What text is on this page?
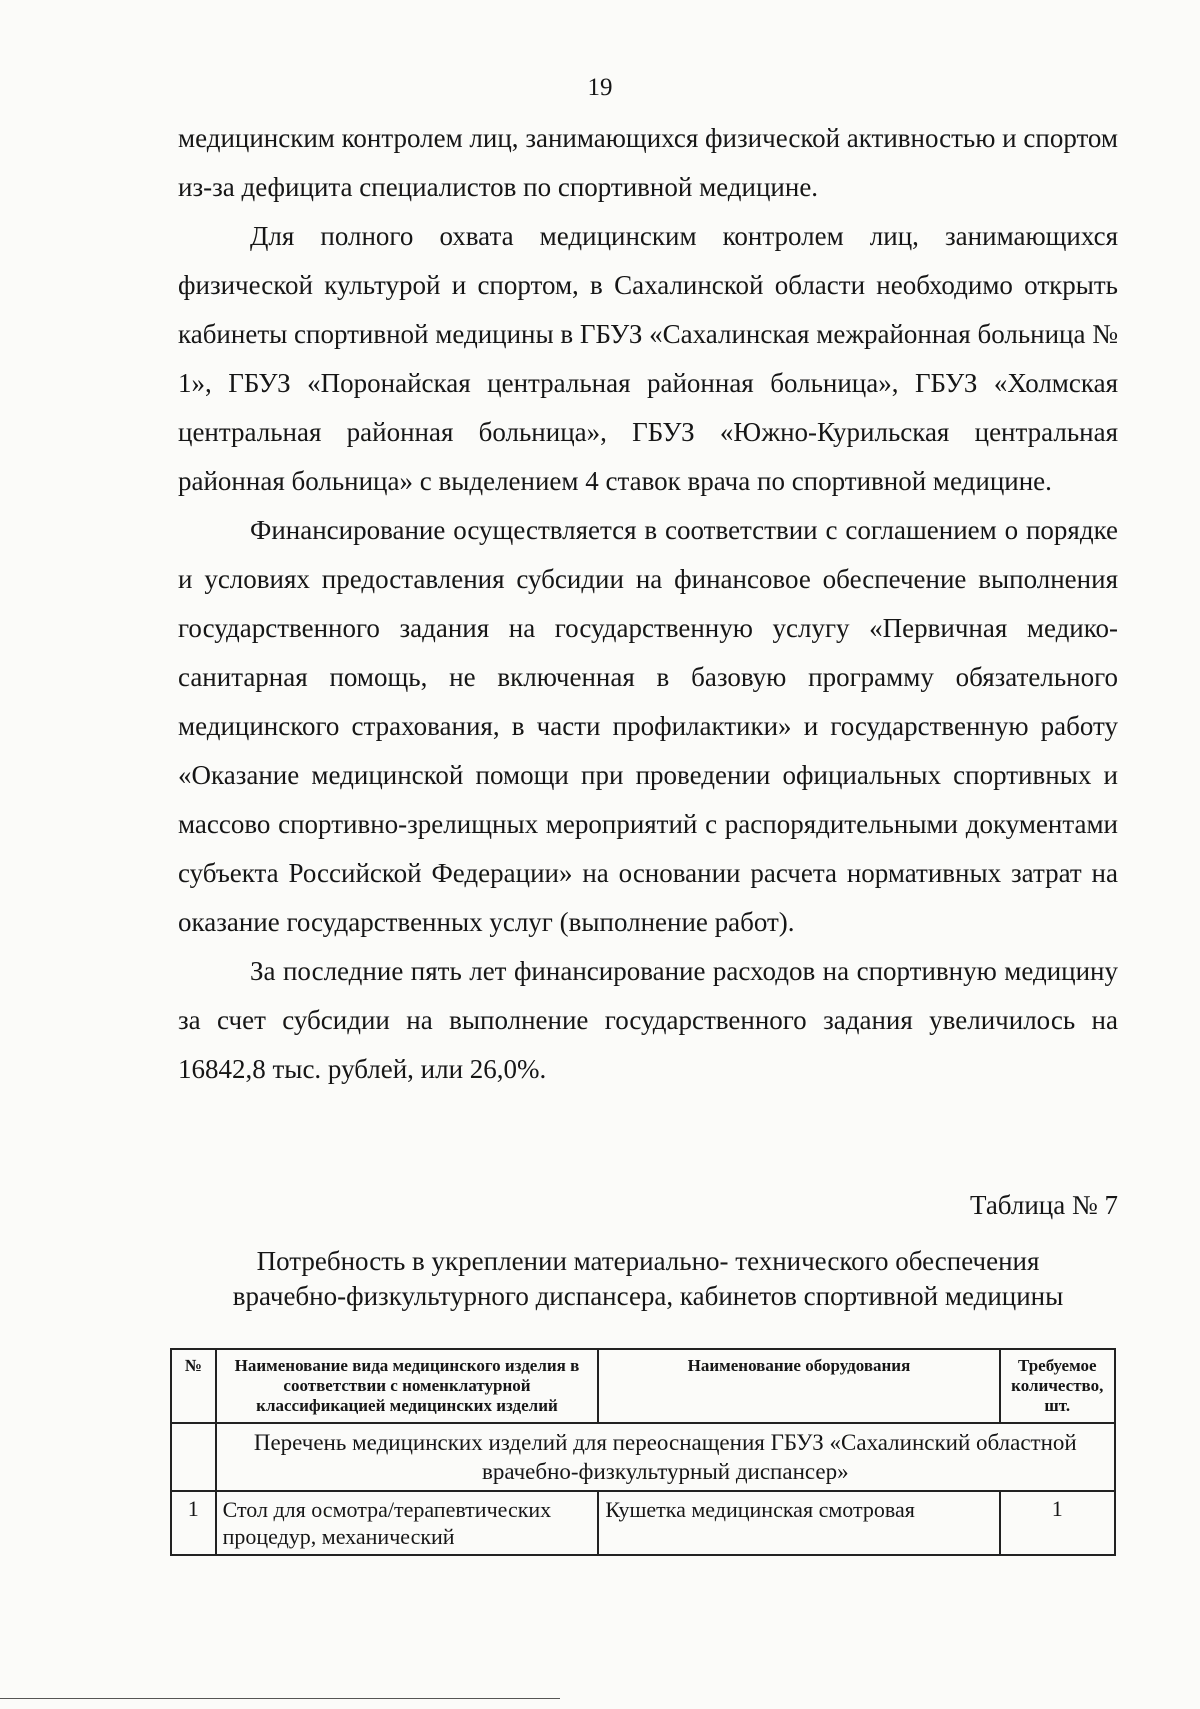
19

медицинским контролем лиц, занимающихся физической активностью и спортом из-за дефицита специалистов по спортивной медицине.

Для полного охвата медицинским контролем лиц, занимающихся физической культурой и спортом, в Сахалинской области необходимо открыть кабинеты спортивной медицины в ГБУЗ «Сахалинская межрайонная больница № 1», ГБУЗ «Поронайская центральная районная больница», ГБУЗ «Холмская центральная районная больница», ГБУЗ «Южно-Курильская центральная районная больница» с выделением 4 ставок врача по спортивной медицине.

Финансирование осуществляется в соответствии с соглашением о порядке и условиях предоставления субсидии на финансовое обеспечение выполнения государственного задания на государственную услугу «Первичная медико-санитарная помощь, не включенная в базовую программу обязательного медицинского страхования, в части профилактики» и государственную работу «Оказание медицинской помощи при проведении официальных спортивных и массово спортивно-зрелищных мероприятий с распорядительными документами субъекта Российской Федерации» на основании расчета нормативных затрат на оказание государственных услуг (выполнение работ).

За последние пять лет финансирование расходов на спортивную медицину за счет субсидии на выполнение государственного задания увеличилось на 16842,8 тыс. рублей, или 26,0%.

Таблица № 7
Потребность в укреплении материально- технического обеспечения
врачебно-физкультурного диспансера, кабинетов спортивной медицины
№	Наименование вида медицинского изделия в соответствии с номенклатурной классификацией медицинских изделий	Наименование оборудования	Требуемое количество, шт.
	Перечень медицинских изделий для переоснащения ГБУЗ «Сахалинский областной врачебно-физкультурный диспансер»		
1	Стол для осмотра/терапевтических процедур, механический	Кушетка медицинская смотровая	1
